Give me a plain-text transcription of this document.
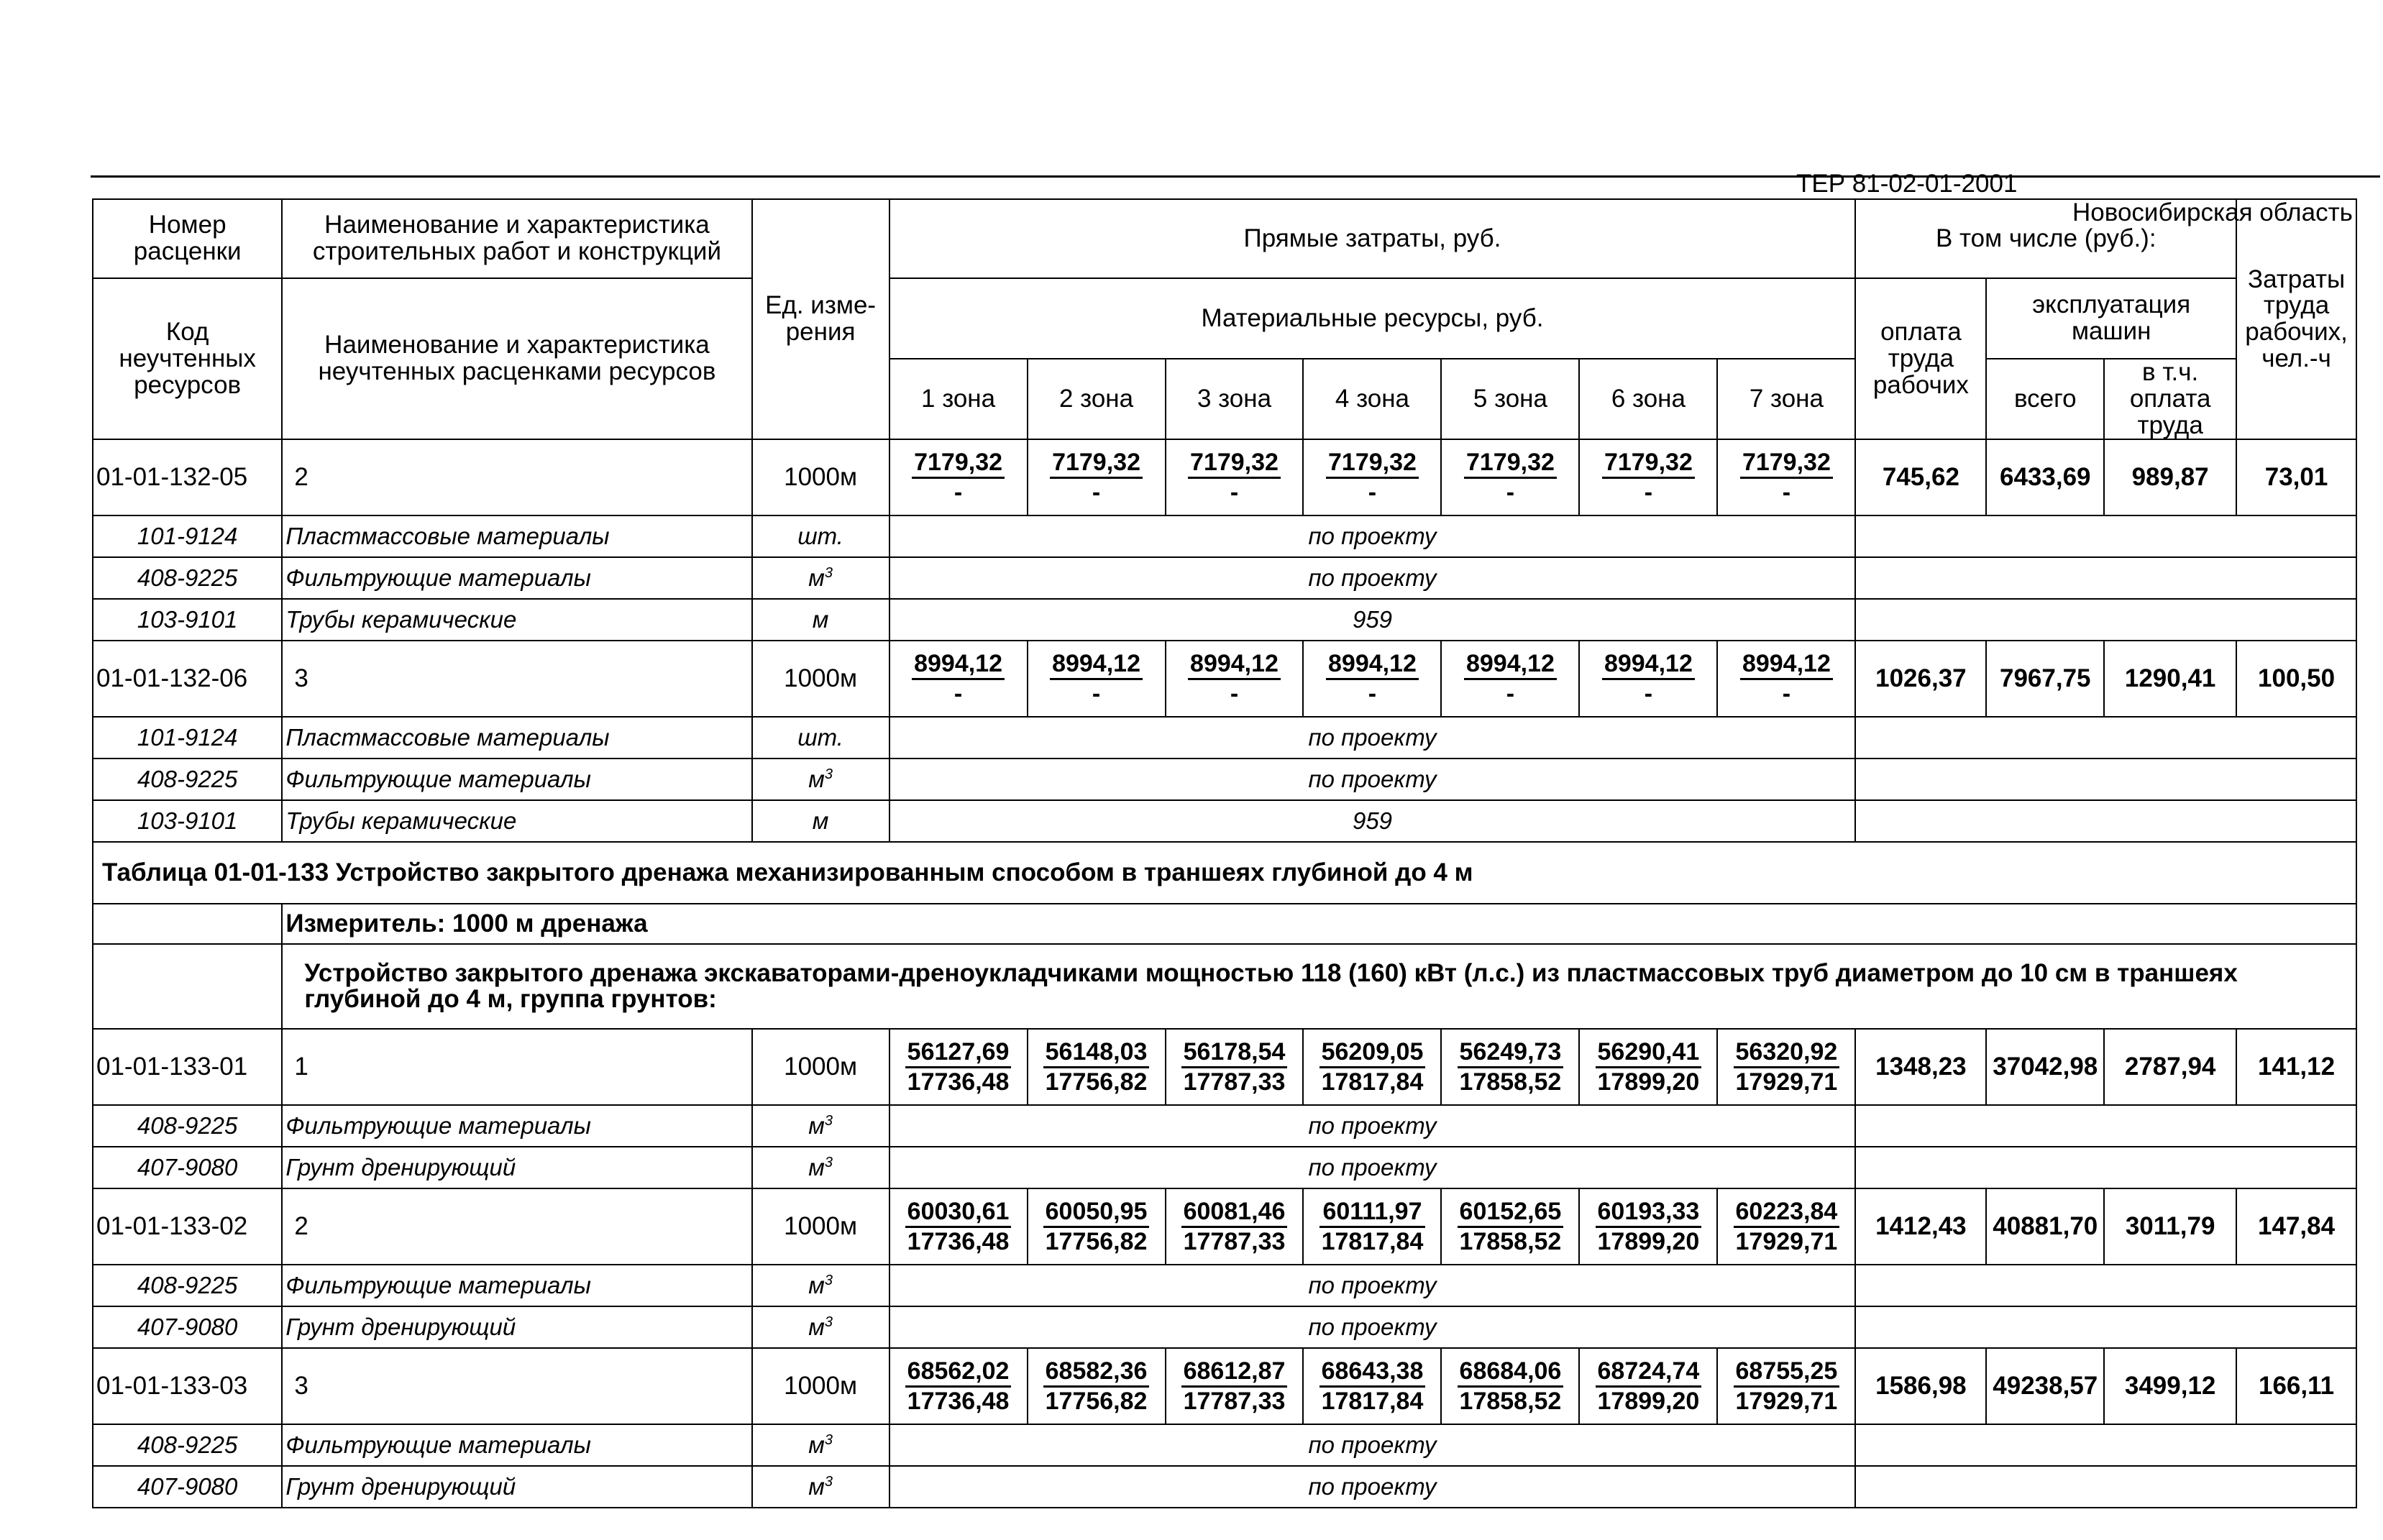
ТЕР 81-02-01-2001

Новосибирская область

Номер расценки	Наименование и характеристика строительных работ и конструкций	Ед. изме- рения	Прямые затраты, руб.							В том числе (руб.):			Затраты труда рабочих, чел.-ч
Код неучтенных ресурсов	Наименование и характеристика неучтенных расценками ресурсов		Материальные ресурсы, руб.							оплата труда рабочих	эксплуатация машин		
			1 зона	2 зона	3 зона	4 зона	5 зона	6 зона	7 зона		всего	в т.ч. оплата труда	
01-01-132-05	2	1000м	$\frac{7179,32}{-}$	$\frac{7179,32}{-}$	$\frac{7179,32}{-}$	$\frac{7179,32}{-}$	$\frac{7179,32}{-}$	$\frac{7179,32}{-}$	$\frac{7179,32}{-}$	745,62	6433,69	989,87	73,01
101-9124	Пластмассовые материалы	шт.	по проекту										
408-9225	Фильтрующие материалы	$м^3$	по проекту										
103-9101	Трубы керамические	м	959										
01-01-132-06	3	1000м	$\frac{8994,12}{-}$	$\frac{8994,12}{-}$	$\frac{8994,12}{-}$	$\frac{8994,12}{-}$	$\frac{8994,12}{-}$	$\frac{8994,12}{-}$	$\frac{8994,12}{-}$	1026,37	7967,75	1290,41	100,50
101-9124	Пластмассовые материалы	шт.	по проекту										
408-9225	Фильтрующие материалы	$м^3$	по проекту										
103-9101	Трубы керамические	м	959										
Таблица 01-01-133 Устройство закрытого дренажа механизированным способом в траншеях глубиной до 4 м													
	Измеритель: 1000 м дренажа												
	Устройство закрытого дренажа экскаваторами-дреноукладчиками мощностью 118 (160) кВт (л.с.) из пластмассовых труб диаметром до 10 см в траншеях глубиной до 4 м, группа грунтов:												
01-01-133-01	1	1000м	$\frac{56127,69}{17736,48}$	$\frac{56148,03}{17756,82}$	$\frac{56178,54}{17787,33}$	$\frac{56209,05}{17817,84}$	$\frac{56249,73}{17858,52}$	$\frac{56290,41}{17899,20}$	$\frac{56320,92}{17929,71}$	1348,23	37042,98	2787,94	141,12
408-9225	Фильтрующие материалы	$м^3$	по проекту										
407-9080	Грунт дренирующий	$м^3$	по проекту										
01-01-133-02	2	1000м	$\frac{60030,61}{17736,48}$	$\frac{60050,95}{17756,82}$	$\frac{60081,46}{17787,33}$	$\frac{60111,97}{17817,84}$	$\frac{60152,65}{17858,52}$	$\frac{60193,33}{17899,20}$	$\frac{60223,84}{17929,71}$	1412,43	40881,70	3011,79	147,84
408-9225	Фильтрующие материалы	$м^3$	по проекту										
407-9080	Грунт дренирующий	$м^3$	по проекту										
01-01-133-03	3	1000м	$\frac{68562,02}{17736,48}$	$\frac{68582,36}{17756,82}$	$\frac{68612,87}{17787,33}$	$\frac{68643,38}{17817,84}$	$\frac{68684,06}{17858,52}$	$\frac{68724,74}{17899,20}$	$\frac{68755,25}{17929,71}$	1586,98	49238,57	3499,12	166,11
408-9225	Фильтрующие материалы	$м^3$	по проекту										
407-9080	Грунт дренирующий	$м^3$	по проекту										
